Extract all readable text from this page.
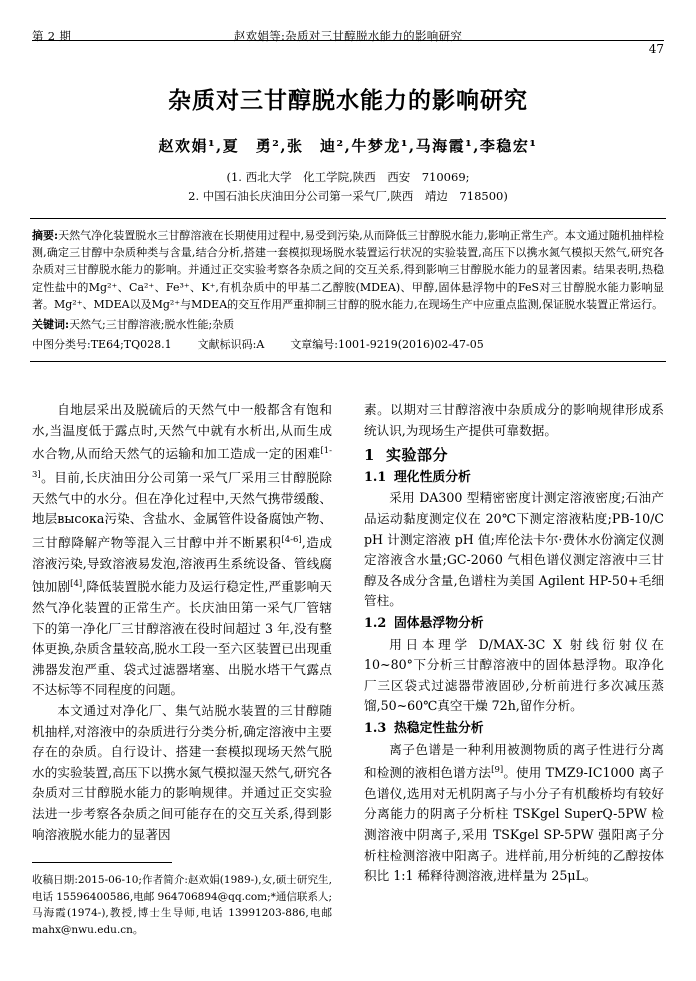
第 2 期	赵欢娟等:杂质对三甘醇脱水能力的影响研究
47
杂质对三甘醇脱水能力的影响研究
赵欢娟¹,夏　勇²,张　迪²,牛梦龙¹,马海霞¹,李稳宏¹
(1. 西北大学　化工学院,陕西　西安　710069;
2. 中国石油长庆油田分公司第一采气厂,陕西　靖边　718500)
摘要:天然气净化装置脱水三甘醇溶液在长期使用过程中,易受到污染,从而降低三甘醇脱水能力,影响正常生产。本文通过随机抽样检测,确定三甘醇中杂质种类与含量,结合分析,搭建一套模拟现场脱水装置运行状况的实验装置,高压下以携水氮气模拟天然气,研究各杂质对三甘醇脱水能力的影响。并通过正交实验考察各杂质之间的交互关系,得到影响三甘醇脱水能力的显著因素。结果表明,热稳定性盐中的Mg²⁺、Ca²⁺、Fe³⁺、K⁺,有机杂质中的甲基二乙醇胺(MDEA)、甲醇,固体悬浮物中的FeS对三甘醇脱水能力影响显著。Mg²⁺、MDEA以及Mg²⁺与MDEA的交互作用严重抑制三甘醇的脱水能力,在现场生产中应重点监测,保证脱水装置正常运行。
关键词:天然气;三甘醇溶液;脱水性能;杂质
中图分类号:TE64;TQ028.1 文献标识码:A 文章编号:1001-9219(2016)02-47-05

自地层采出及脱硫后的天然气中一般都含有饱和水,当温度低于露点时,天然气中就有水析出,从而生成水合物,从而给天然气的运输和加工造成一定的困难[1-3]。目前,长庆油田分公司第一采气厂采用三甘醇脱除天然气中的水分。但在净化过程中,天然气携带缓酸、地层высока污染、含盐水、金属管件设备腐蚀产物、三甘醇降解产物等混入三甘醇中并不断累积[4-6],造成溶液污染,导致溶液易发泡,溶液再生系统设备、管线腐蚀加剧[4],降低装置脱水能力及运行稳定性,严重影响天然气净化装置的正常生产。长庆油田第一采气厂管辖下的第一净化厂三甘醇溶液在役时间超过 3 年,没有整体更换,杂质含量较高,脱水工段一至六区装置已出现重沸器发泡严重、袋式过滤器堵塞、出脱水塔干气露点不达标等不同程度的问题。

本文通过对净化厂、集气站脱水装置的三甘醇随机抽样,对溶液中的杂质进行分类分析,确定溶液中主要存在的杂质。自行设计、搭建一套模拟现场天然气脱水的实验装置,高压下以携水氮气模拟湿天然气,研究各杂质对三甘醇脱水能力的影响规律。并通过正交实验法进一步考察各杂质之间可能存在的交互关系,得到影响溶液脱水能力的显著因

素。以期对三甘醇溶液中杂质成分的影响规律形成系统认识,为现场生产提供可靠数据。

1 实验部分
1.1 理化性质分析

采用 DA300 型精密密度计测定溶液密度;石油产品运动黏度测定仪在 20℃下测定溶液粘度;PB-10/C pH 计测定溶液 pH 值;库伦法卡尔·费休水份滴定仪测定溶液含水量;GC-2060 气相色谱仪测定溶液中三甘醇及各成分含量,色谱柱为美国 Agilent HP-50+毛细管柱。

1.2 固体悬浮物分析

用日本理学 D/MAX-3C X 射线衍射仪在 10~80°下分析三甘醇溶液中的固体悬浮物。取净化厂三区袋式过滤器带液固砂,分析前进行多次减压蒸馏,50~60℃真空干燥 72h,留作分析。

1.3 热稳定性盐分析

离子色谱是一种利用被测物质的离子性进行分离和检测的液相色谱方法[9]。使用 TMZ9-IC1000 离子色谱仪,选用对无机阴离子与小分子有机酸桥均有较好分离能力的阴离子分析柱 TSKgel SuperQ-5PW 检测溶液中阴离子,采用 TSKgel SP-5PW 强阳离子分析柱检测溶液中阳离子。进样前,用分析纯的乙醇按体积比 1:1 稀释待测溶液,进样量为 25μL。

收稿日期:2015-06-10;作者简介:赵欢娟(1989-),女,硕士研究生,电话 15596400586,电邮 964706894@qq.com;*通信联系人;马海霞(1974-),教授,博士生导师,电话 13991203-886,电邮 mahx@nwu.edu.cn。
